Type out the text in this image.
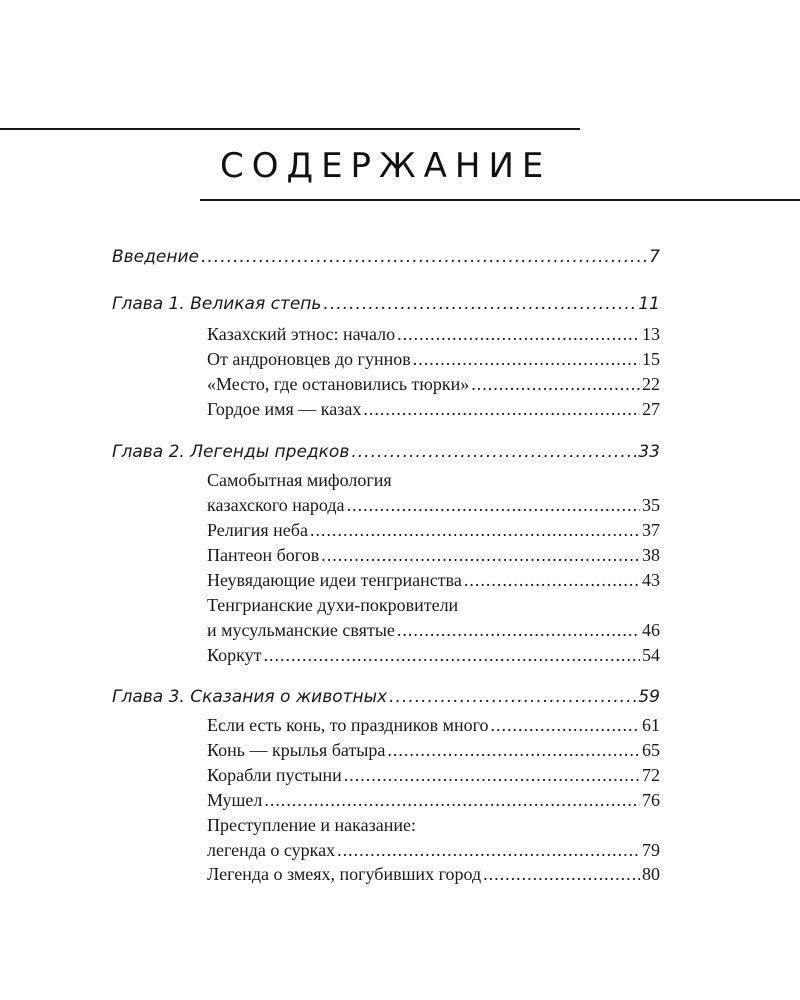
СОДЕРЖАНИЕ
Введение .....	7
Глава 1. Великая степь .....	11
Казахский этнос: начало .....	13
От андроновцев до гуннов .....	15
«Место, где остановились тюрки» .....	22
Гордое имя — казах .....	27
Глава 2. Легенды предков .....	33
Самобытная мифология
казахского народа .....	35
Религия неба .....	37
Пантеон богов .....	38
Неувядающие идеи тенгрианства .....	43
Тенгрианские духи-покровители
и мусульманские святые .....	46
Коркут .....	54
Глава 3. Сказания о животных .....	59
Если есть конь, то праздников много .....	61
Конь — крылья батыра .....	65
Корабли пустыни .....	72
Мушел .....	76
Преступление и наказание:
легенда о сурках .....	79
Легенда о змеях, погубивших город .....	80
